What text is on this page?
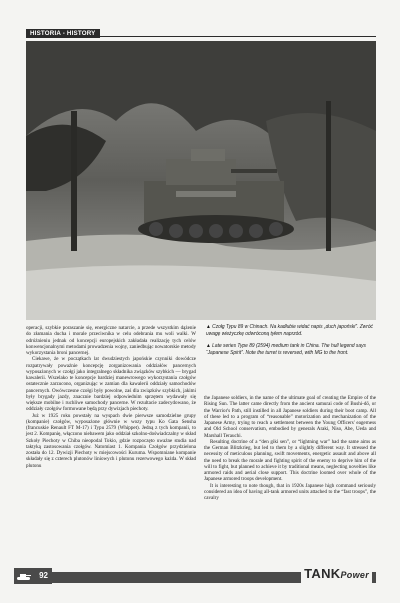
HISTORIA - HISTORY

operacji, szybkie poraszanie się, energiczne natarcie, a przede wszystkim dążenie do złamania ducha i morale przeciwnika w celu odebrania mu woli walki. W odróżnieniu jednak od koncepcji europejskich zakładała realizację tych celów konwencjonalnymi metodami prowadzenia wojny, zaniedbując nowatorskie metody wykorzystania broni pancernej.

Ciekawe, że w początkach lat dwudziestych japońskie czynniki dowódcze rozpatrywały poważnie koncepcję zorganizowania oddziałów pancernych wyposażonych w czołgi jako integralnego składnika związków szybkich — brygad kawalerii. Wszelako te koncepcje bardziej manewrowego wykorzystania czołgów ostatecznie zarzucono, organizując w zamian dla kawalerii oddziały samochodów pancernych. Owówczesne czołgi były powolne, zaś dla związków szybkich, jakimi były brygady jazdy, znacznie bardziej odpowiednim sprzętem wydawały się większe mobilne i ruchliwe samochody pancerne. W rezultacie zadecydowano, że oddziały czołgów formowane będą przy dywizjach piechoty.

Już w 1925 roku powstały na wyspach dwie pierwsze samodzielne grupy (kompanie) czołgów, wyposażone głównie w wozy typu Ko Gata Sensha (francuskie Renault FT M-17) i Typu 2579 (Whippet). Jedną z tych kompanii, to jest 2. Kompanię, włączono niebawem jako oddział szkolno-doświadczalny w skład Szkoły Piechoty w Chiba nieopodal Tokio, gdzie rozpoczęto uważne studia nad taktyką zastosowania czołgów. Natomiast 1. Kompania Czołgów przydzielona została do 12. Dywizji Piechoty w miejscowości Kuruma. Wspomniane kompanie składały się z czterech plutonów liniowych i plutonu rezerwowego każda. W skład plutonu

▲ Czołg Typu 89 w Chinach. Na kadłubie widać napis „duch japoński”. Zwróć uwagę wieżyczkę odwróconą tyłem naprzód.
▲ Late series Type 89 (2594) medium tank in China. The hull legend says “Japanese Spirit”. Note the turret is reversed, with MG to the front.

the Japanese soldiers, in the name of the ultimate goal of creating the Empire of the Rising Sun. The latter came directly from the ancient samurai code of Bushi-dō, or the Warrior's Path, still instilled in all Japanese soldiers during their boot camp. All of these led to a program of “reasonable” motorization and mechanization of the Japanese Army, trying to reach a settlement between the Young Officers' eagerness and Old School conservatism, embodied by generals Araki, Niso, Abe, Ueda and Marshall Terauchi.

Resulting doctrine of a “den giki sen”, or “lightning war” had the same aims as the German Blitzkrieg, but led to them by a slightly different way. It stressed the necessity of meticulous planning, swift movements, energetic assault and above all the need to break the morale and fighting spirit of the enemy to deprive him of the will to fight, but planned to achieve it by traditional means, neglecting novelties like armored raids and aerial close support. This doctrine loomed over whole of the Japanese armored troops development.

It is interesting to note though, that in 1920s Japanese high command seriously considered an idea of having all-tank armored units attached to the “fast troops”, the cavalry

92	TANKPower
